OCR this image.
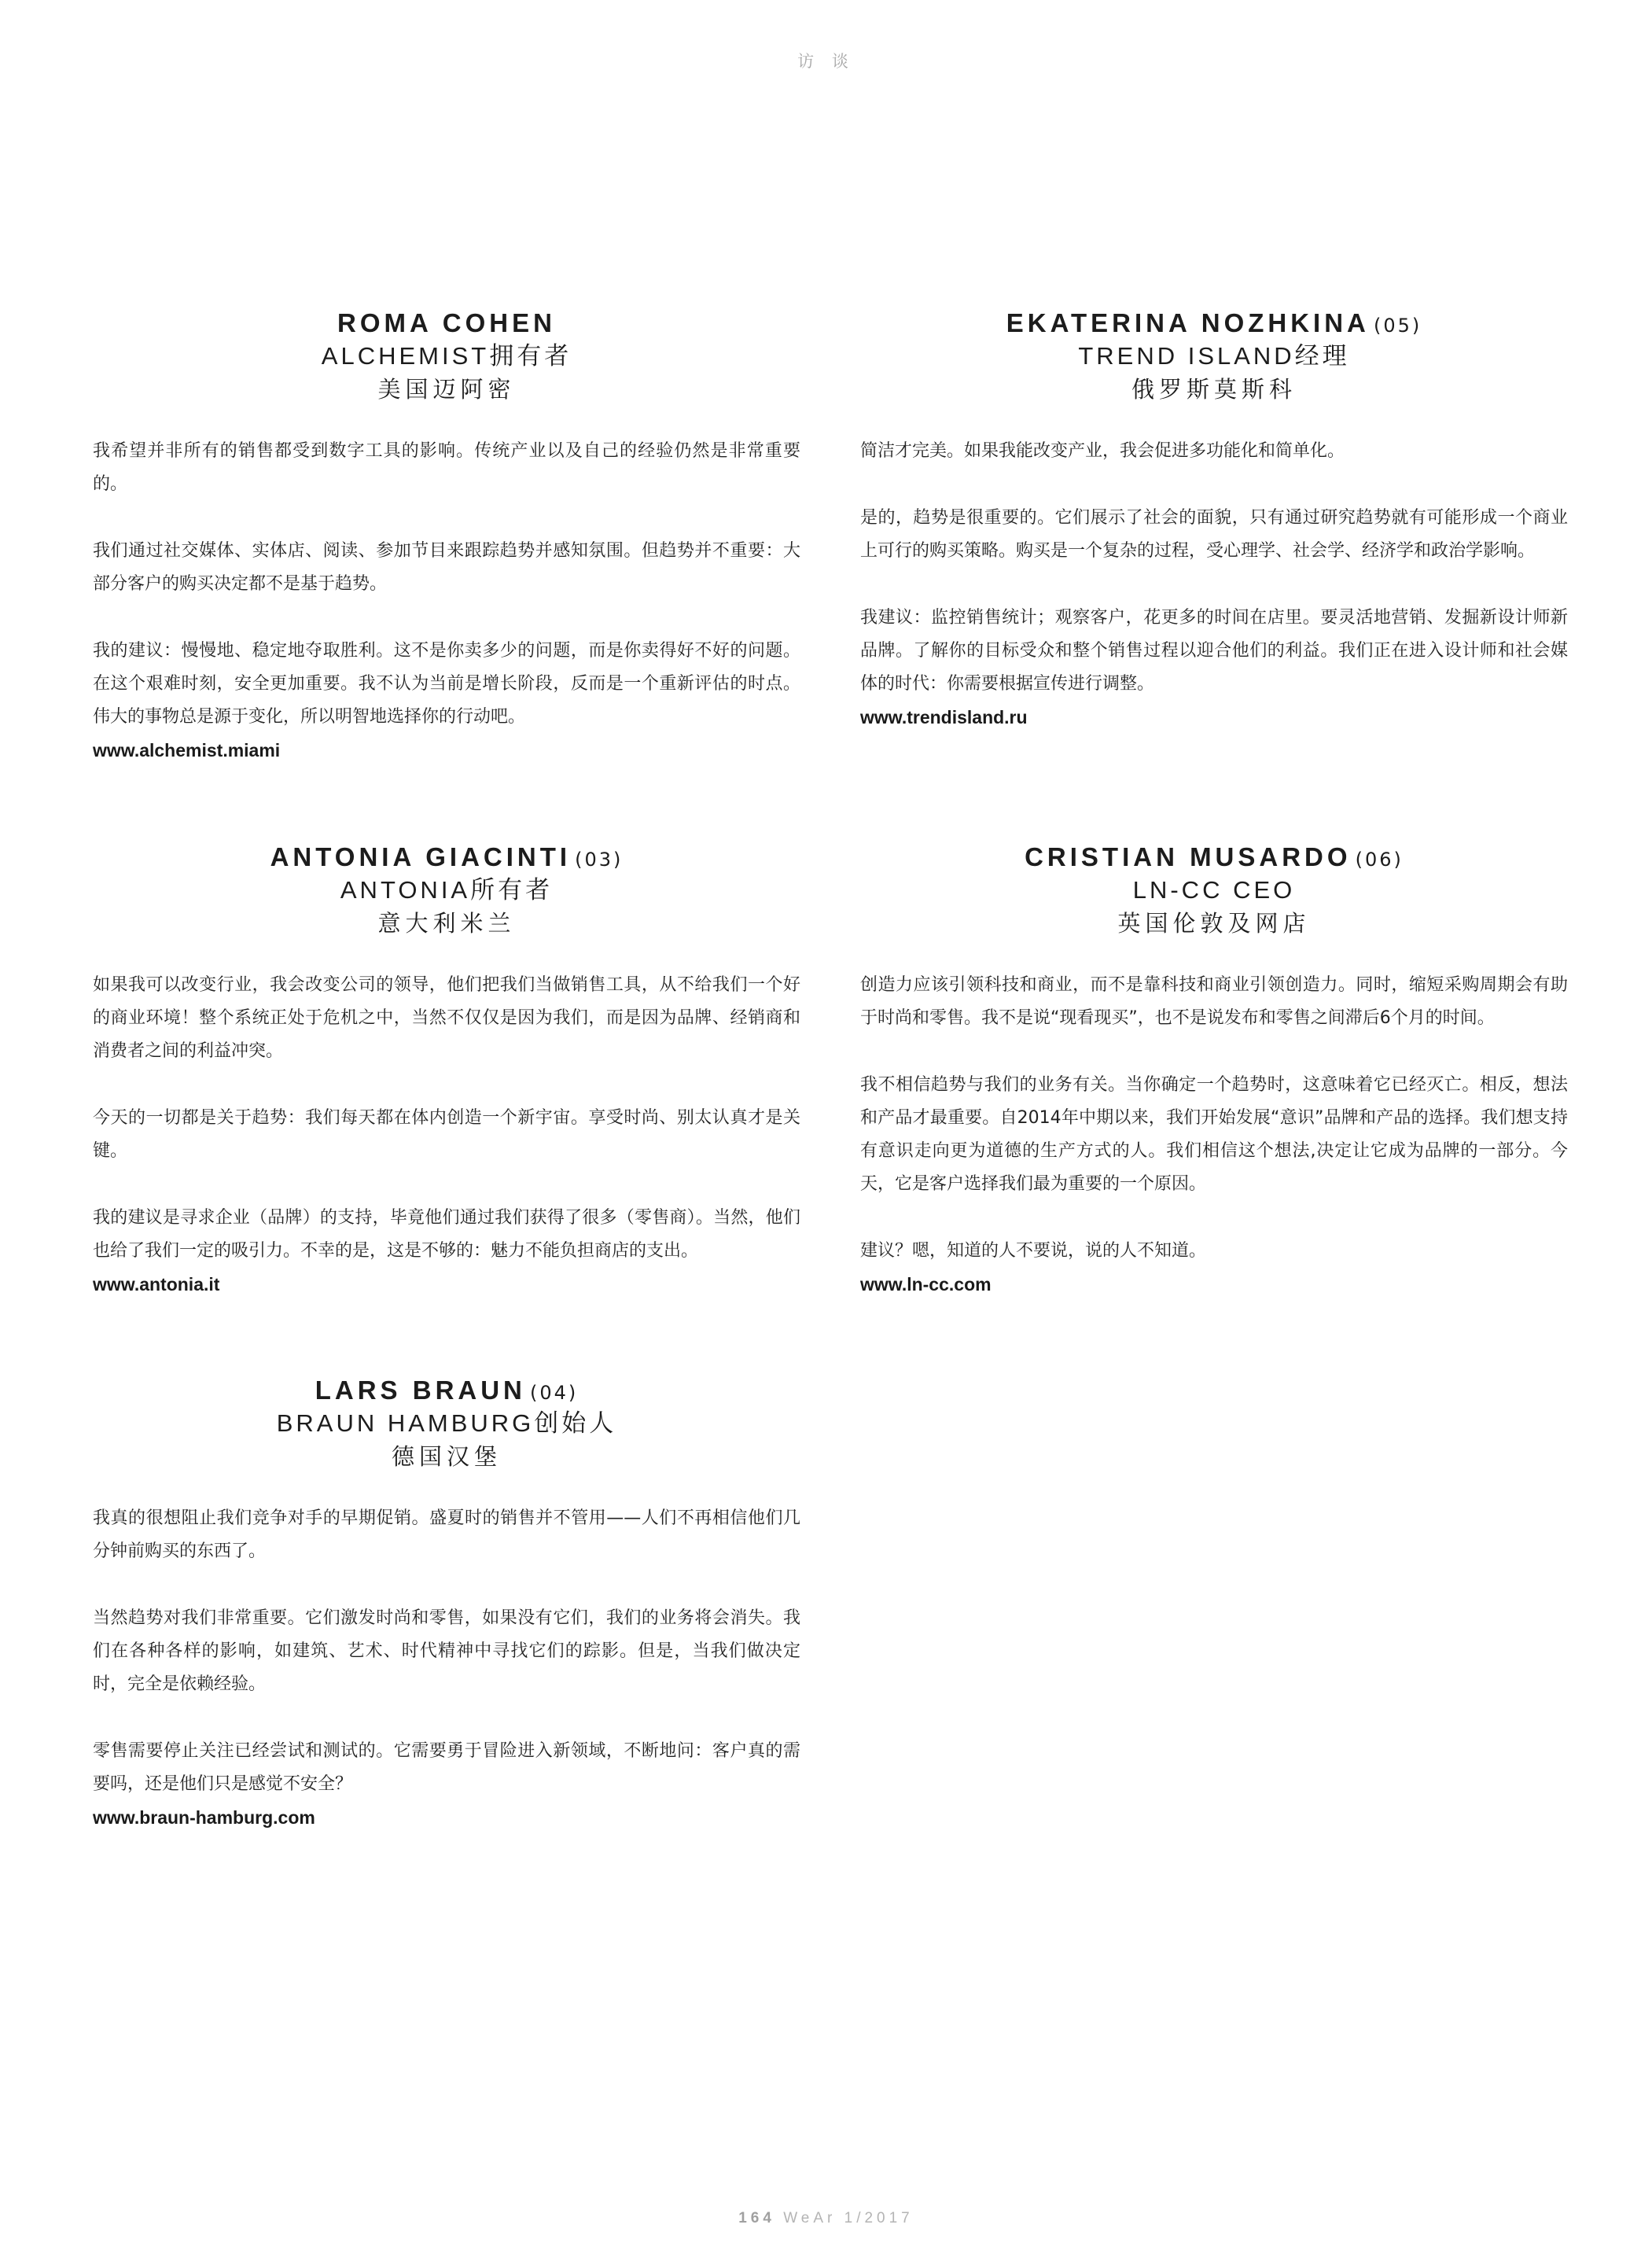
访 谈
ROMA COHEN
ALCHEMIST拥有者
美国迈阿密

我希望并非所有的销售都受到数字工具的影响。传统产业以及自己的经验仍然是非常重要的。

我们通过社交媒体、实体店、阅读、参加节目来跟踪趋势并感知氛围。但趋势并不重要：大部分客户的购买决定都不是基于趋势。

我的建议：慢慢地、稳定地夺取胜利。这不是你卖多少的问题，而是你卖得好不好的问题。在这个艰难时刻，安全更加重要。我不认为当前是增长阶段，反而是一个重新评估的时点。伟大的事物总是源于变化，所以明智地选择你的行动吧。

www.alchemist.miami
EKATERINA NOZHKINA (05)
TREND ISLAND经理
俄罗斯莫斯科

简洁才完美。如果我能改变产业，我会促进多功能化和简单化。

是的，趋势是很重要的。它们展示了社会的面貌，只有通过研究趋势就有可能形成一个商业上可行的购买策略。购买是一个复杂的过程，受心理学、社会学、经济学和政治学影响。

我建议：监控销售统计；观察客户，花更多的时间在店里。要灵活地营销、发掘新设计师新品牌。了解你的目标受众和整个销售过程以迎合他们的利益。我们正在进入设计师和社会媒体的时代：你需要根据宣传进行调整。

www.trendisland.ru
ANTONIA GIACINTI (03)
ANTONIA所有者
意大利米兰

如果我可以改变行业，我会改变公司的领导，他们把我们当做销售工具，从不给我们一个好的商业环境！整个系统正处于危机之中，当然不仅仅是因为我们，而是因为品牌、经销商和消费者之间的利益冲突。

今天的一切都是关于趋势：我们每天都在体内创造一个新宇宙。享受时尚、别太认真才是关键。

我的建议是寻求企业（品牌）的支持，毕竟他们通过我们获得了很多（零售商）。当然，他们也给了我们一定的吸引力。不幸的是，这是不够的：魅力不能负担商店的支出。

www.antonia.it
CRISTIAN MUSARDO (06)
LN-CC CEO
英国伦敦及网店

创造力应该引领科技和商业，而不是靠科技和商业引领创造力。同时，缩短采购周期会有助于时尚和零售。我不是说“现看现买”，也不是说发布和零售之间滞后6个月的时间。

我不相信趋势与我们的业务有关。当你确定一个趋势时，这意味着它已经灭亡。相反，想法和产品才最重要。自2014年中期以来，我们开始发展“意识”品牌和产品的选择。我们想支持有意识走向更为道德的生产方式的人。我们相信这个想法,决定让它成为品牌的一部分。今天，它是客户选择我们最为重要的一个原因。

建议？嗯，知道的人不要说，说的人不知道。

www.ln-cc.com
LARS BRAUN (04)
BRAUN HAMBURG创始人
德国汉堡

我真的很想阻止我们竞争对手的早期促销。盛夏时的销售并不管用——人们不再相信他们几分钟前购买的东西了。

当然趋势对我们非常重要。它们激发时尚和零售，如果没有它们，我们的业务将会消失。我们在各种各样的影响，如建筑、艺术、时代精神中寻找它们的踪影。但是，当我们做决定时，完全是依赖经验。

零售需要停止关注已经尝试和测试的。它需要勇于冒险进入新领域，不断地问：客户真的需要吗，还是他们只是感觉不安全？

www.braun-hamburg.com
164 WeAr 1/2017
